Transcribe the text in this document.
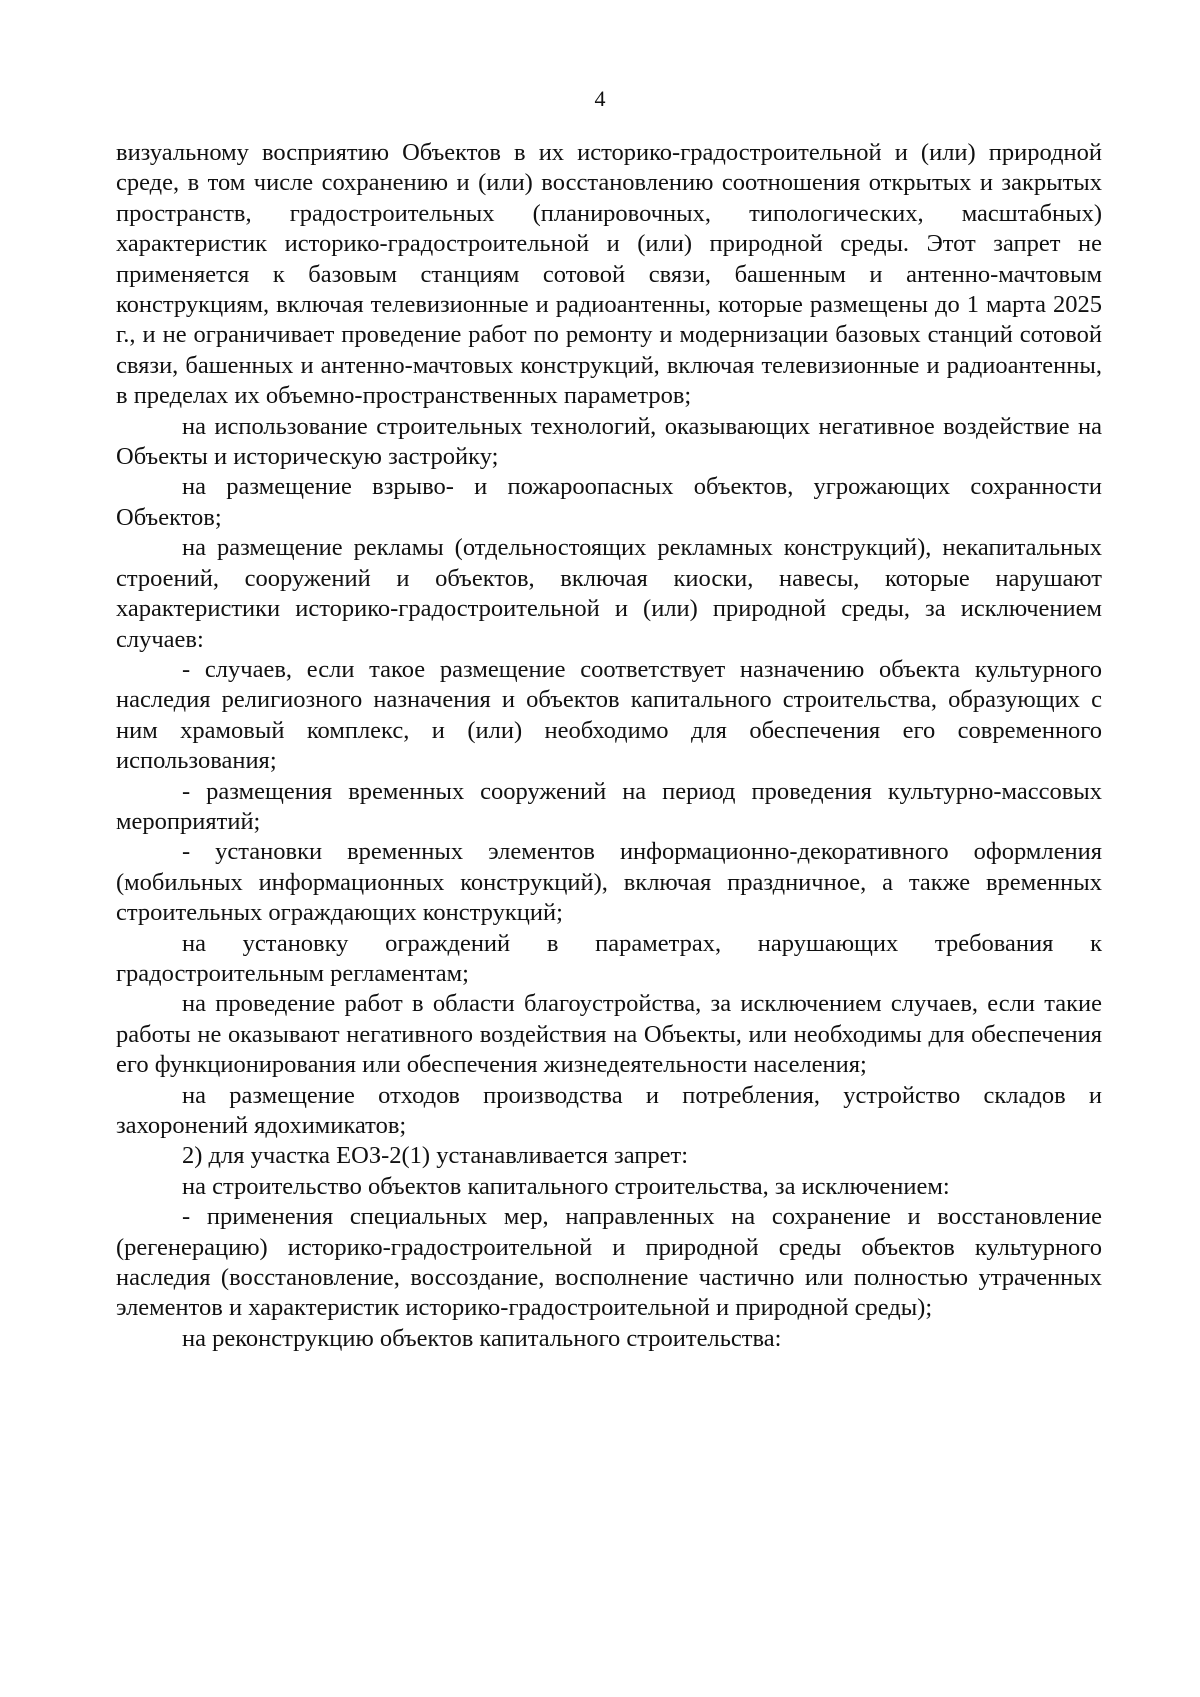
4

визуальному восприятию Объектов в их историко-градостроительной и (или) природной среде, в том числе сохранению и (или) восстановлению соотношения открытых и закрытых пространств, градостроительных (планировочных, типологических, масштабных) характеристик историко-градостроительной и (или) природной среды. Этот запрет не применяется к базовым станциям сотовой связи, башенным и антенно-мачтовым конструкциям, включая телевизионные и радиоантенны, которые размещены до 1 марта 2025 г., и не ограничивает проведение работ по ремонту и модернизации базовых станций сотовой связи, башенных и антенно-мачтовых конструкций, включая телевизионные и радиоантенны, в пределах их объемно-пространственных параметров;

на использование строительных технологий, оказывающих негативное воздействие на Объекты и историческую застройку;

на размещение взрыво- и пожароопасных объектов, угрожающих сохранности Объектов;

на размещение рекламы (отдельностоящих рекламных конструкций), некапитальных строений, сооружений и объектов, включая киоски, навесы, которые нарушают характеристики историко-градостроительной и (или) природной среды, за исключением случаев:

- случаев, если такое размещение соответствует назначению объекта культурного наследия религиозного назначения и объектов капитального строительства, образующих с ним храмовый комплекс, и (или) необходимо для обеспечения его современного использования;

- размещения временных сооружений на период проведения культурно-массовых мероприятий;

- установки временных элементов информационно-декоративного оформления (мобильных информационных конструкций), включая праздничное, а также временных строительных ограждающих конструкций;

на установку ограждений в параметрах, нарушающих требования к градостроительным регламентам;

на проведение работ в области благоустройства, за исключением случаев, если такие работы не оказывают негативного воздействия на Объекты, или необходимы для обеспечения его функционирования или обеспечения жизнедеятельности населения;

на размещение отходов производства и потребления, устройство складов и захоронений ядохимикатов;

2) для участка ЕОЗ-2(1) устанавливается запрет:

на строительство объектов капитального строительства, за исключением:

- применения специальных мер, направленных на сохранение и восстановление (регенерацию) историко-градостроительной и природной среды объектов культурного наследия (восстановление, воссоздание, восполнение частично или полностью утраченных элементов и характеристик историко-градостроительной и природной среды);

на реконструкцию объектов капитального строительства:
